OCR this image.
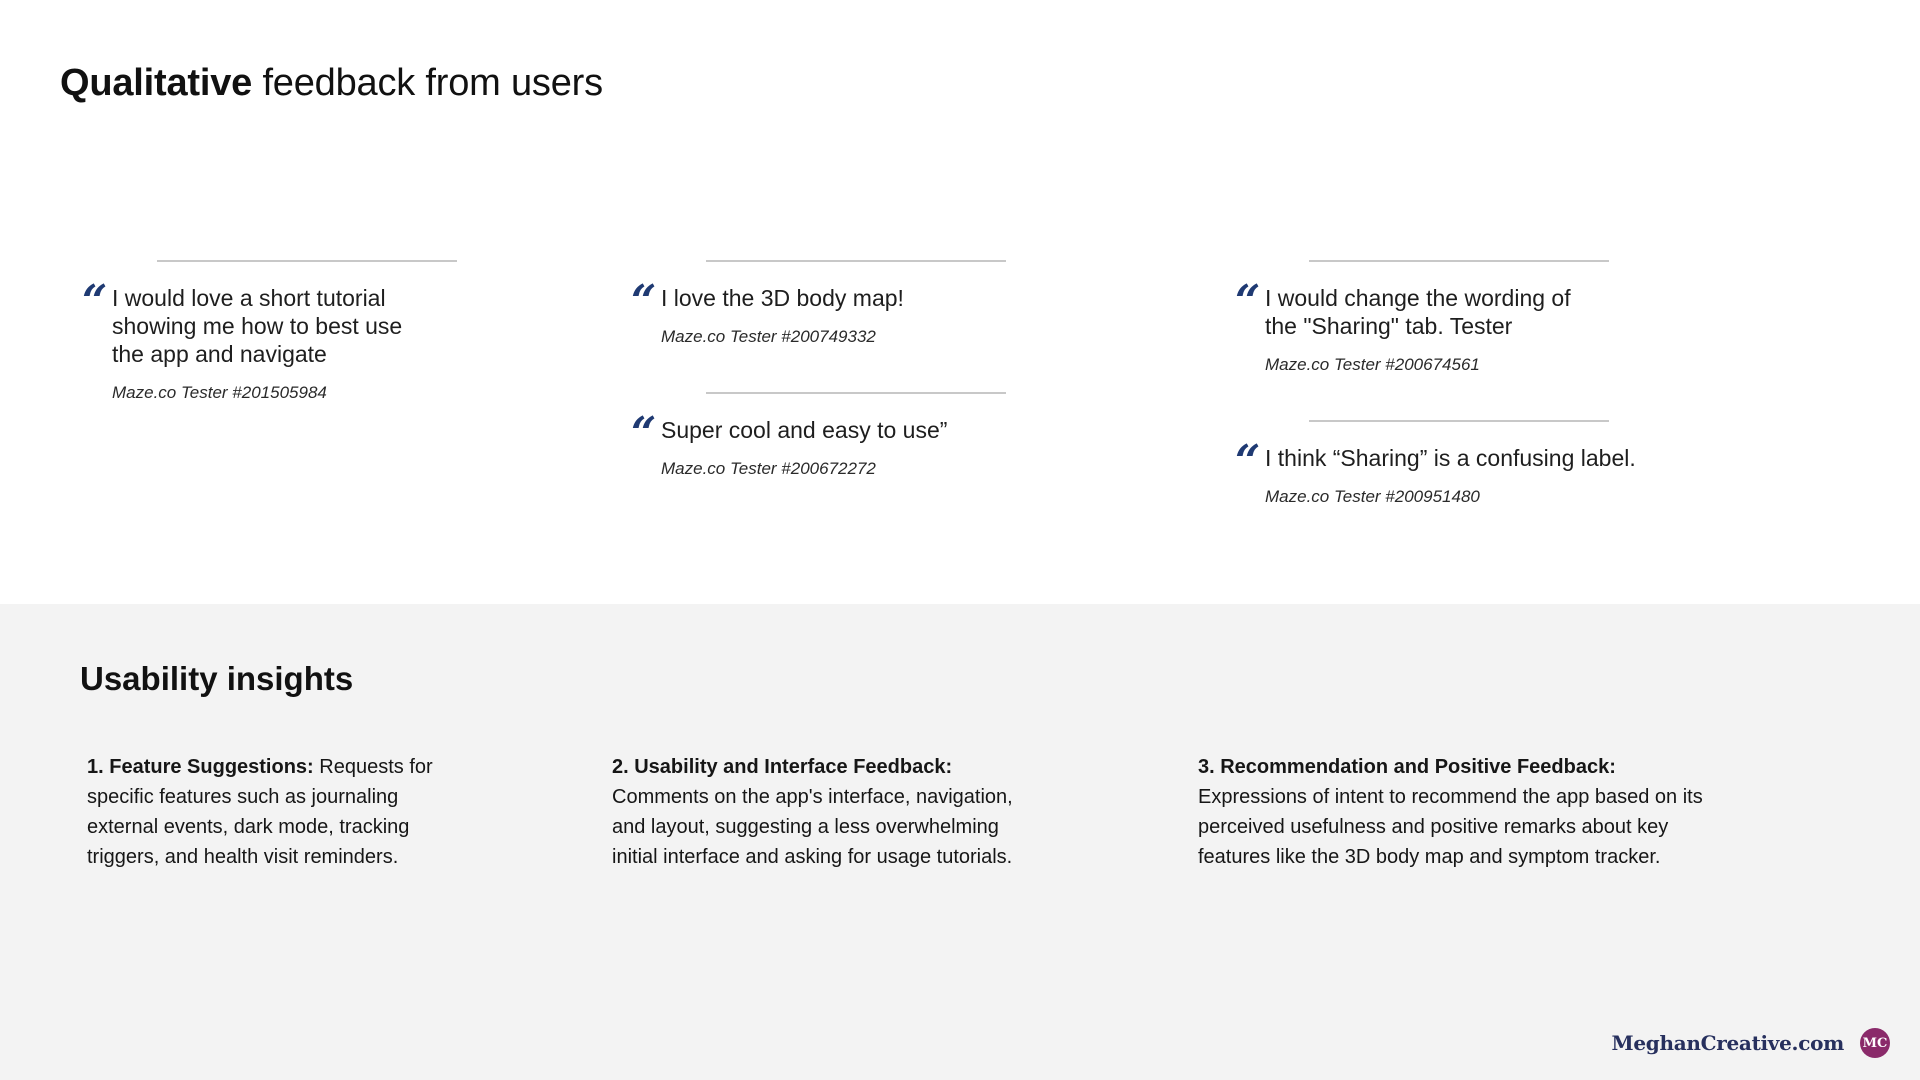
Qualitative feedback from users
“ I would love a short tutorial showing me how to best use the app and navigate

Maze.co Tester #201505984

“ I love the 3D body map!

Maze.co Tester #200749332

“ Super cool and easy to use”

Maze.co Tester #200672272

“ I would change the wording of the "Sharing" tab. Tester

Maze.co Tester #200674561

“ I think “Sharing” is a confusing label.

Maze.co Tester #200951480

Usability insights

1. Feature Suggestions: Requests for specific features such as journaling external events, dark mode, tracking triggers, and health visit reminders.

2. Usability and Interface Feedback:
Comments on the app's interface, navigation, and layout, suggesting a less overwhelming initial interface and asking for usage tutorials.

3. Recommendation and Positive Feedback:
Expressions of intent to recommend the app based on its perceived usefulness and positive remarks about key features like the 3D body map and symptom tracker.

MeghanCreative.com MC
